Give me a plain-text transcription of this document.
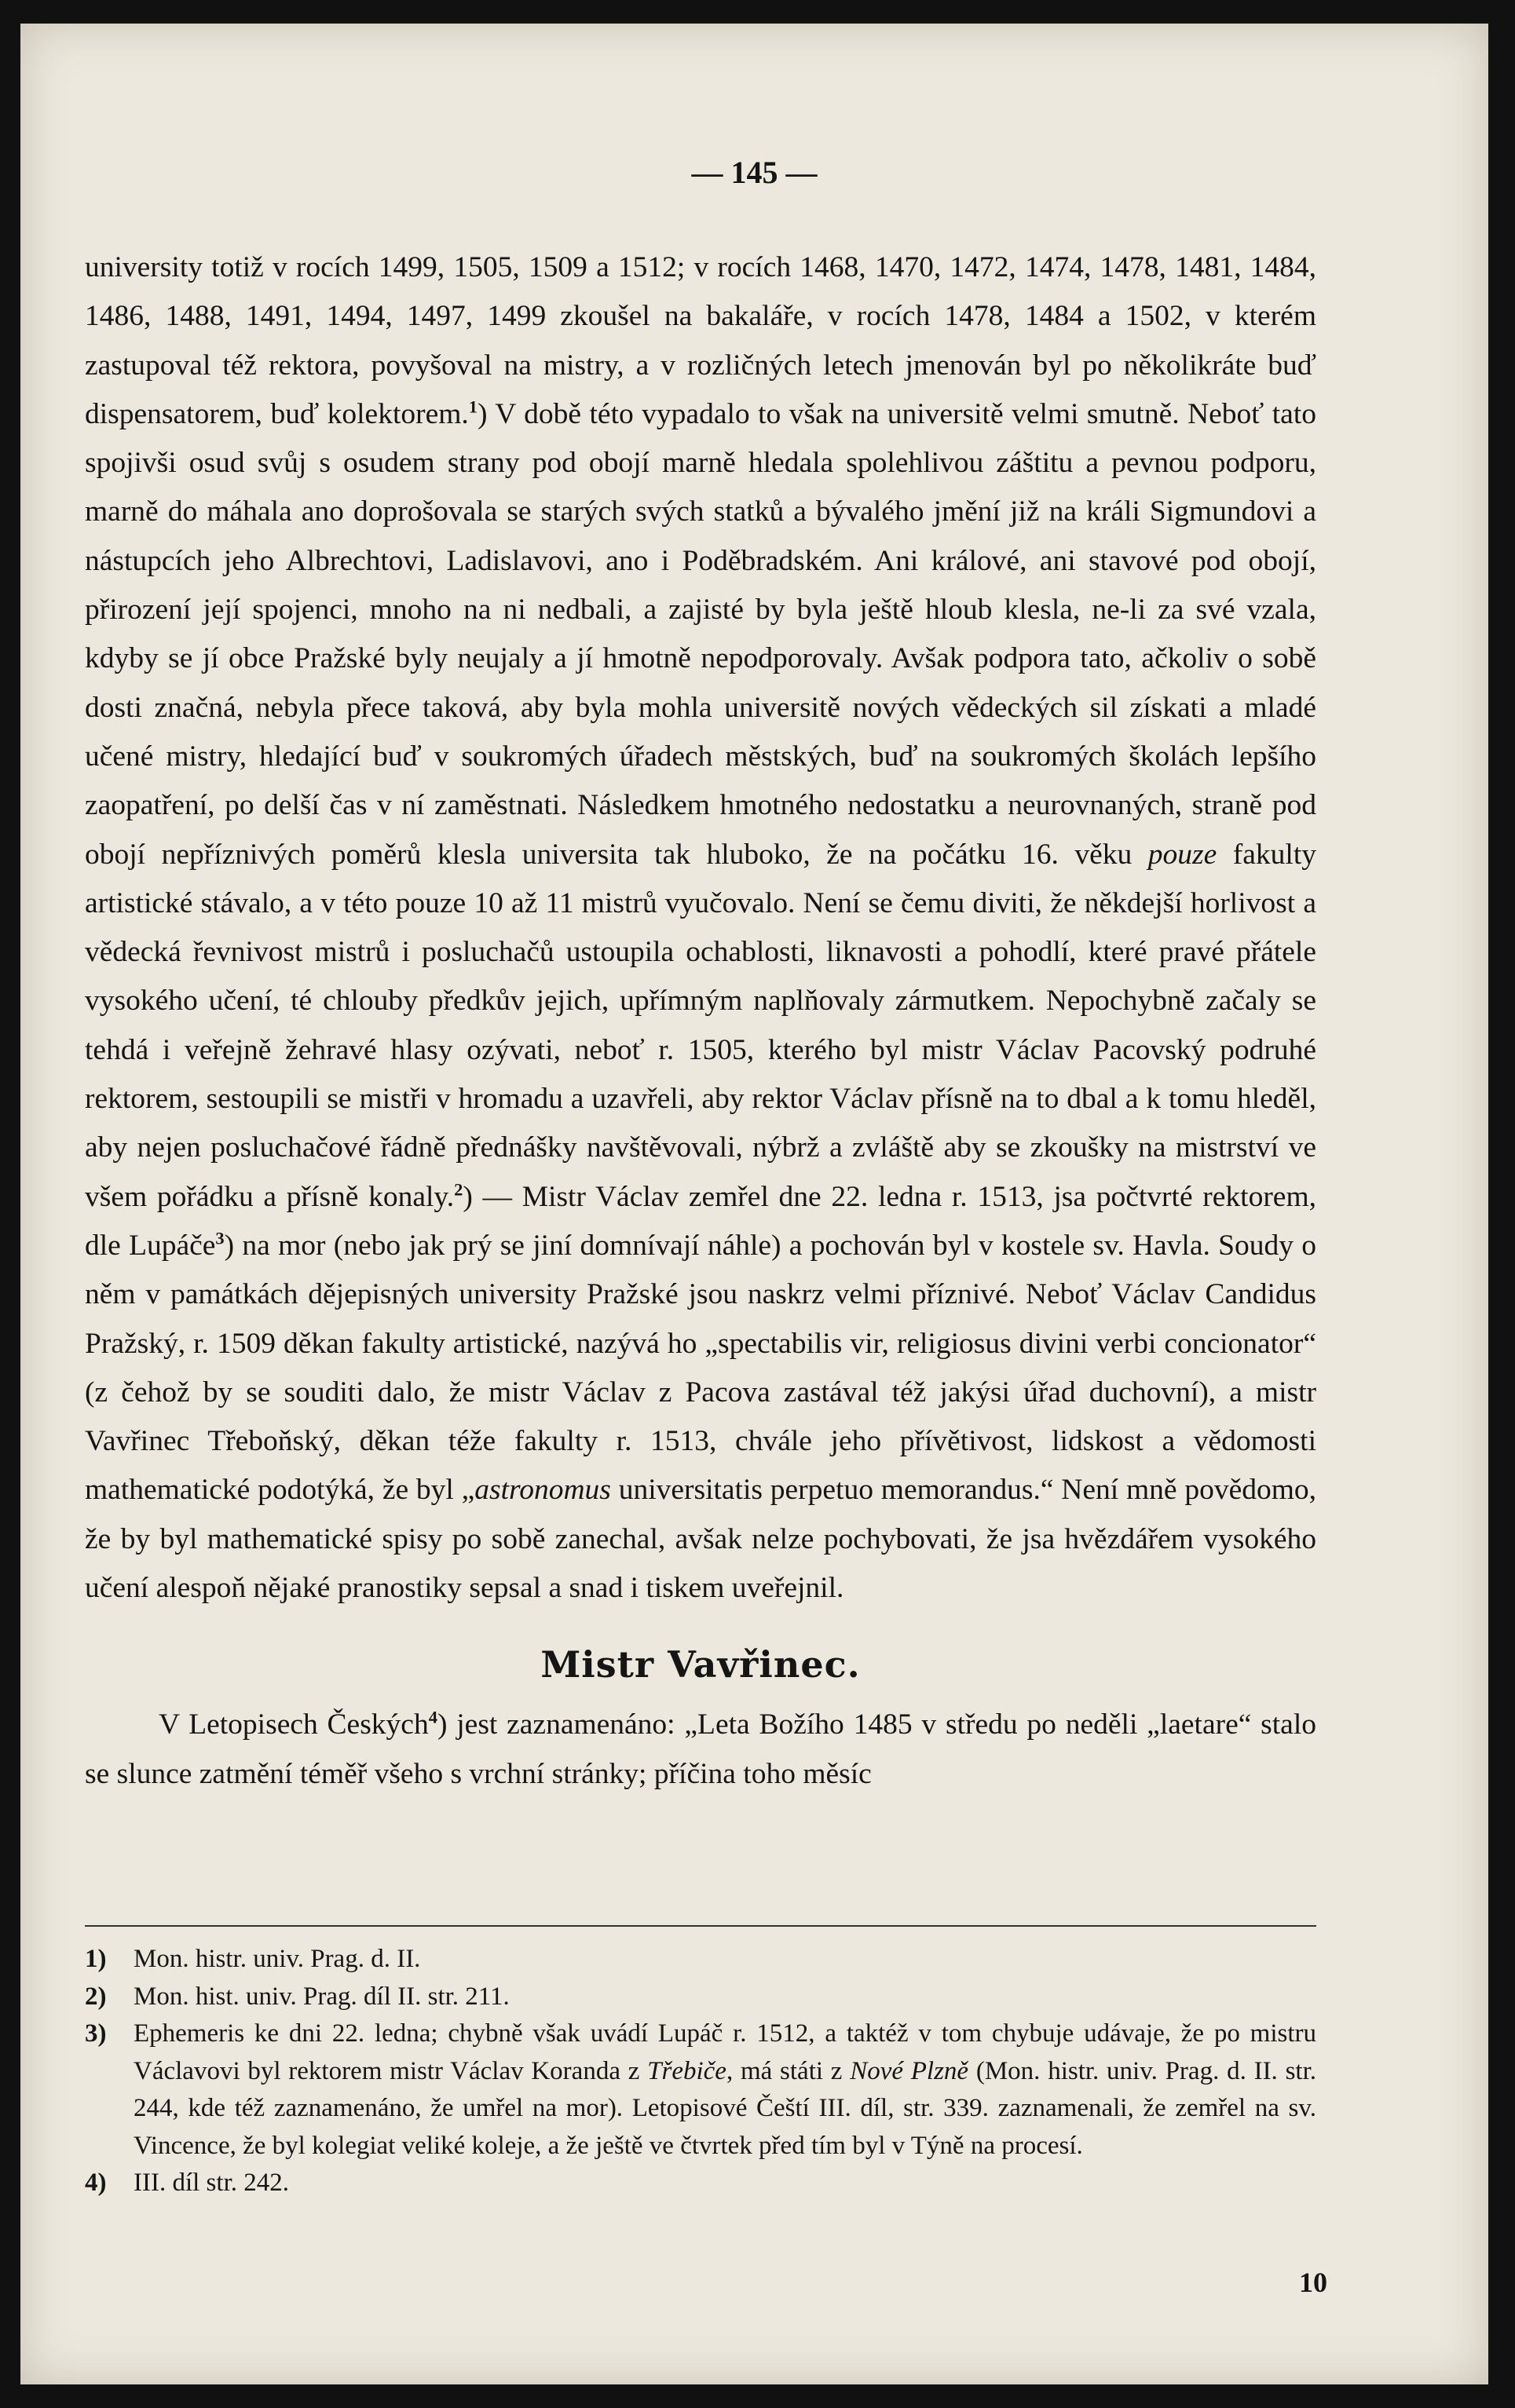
— 145 —

university totiž v rocích 1499, 1505, 1509 a 1512; v rocích 1468, 1470, 1472, 1474, 1478, 1481, 1484, 1486, 1488, 1491, 1494, 1497, 1499 zkoušel na bakaláře, v rocích 1478, 1484 a 1502, v kterém zastupoval též rektora, povyšoval na mistry, a v rozličných letech jmenován byl po několikráte buď dispensatorem, buď kolektorem.$^1$) V době této vypadalo to však na universitě velmi smutně. Neboť tato spojivši osud svůj s osudem strany pod obojí marně hledala spolehlivou záštitu a pevnou podporu, marně do máhala ano doprošovala se starých svých statků a bývalého jmění již na králi Sigmundovi a nástupcích jeho Albrechtovi, Ladislavovi, ano i Poděbradském. Ani králové, ani stavové pod obojí, přirození její spojenci, mnoho na ni nedbali, a zajisté by byla ještě hloub klesla, ne-li za své vzala, kdyby se jí obce Pražské byly neujaly a jí hmotně nepodporovaly. Avšak podpora tato, ačkoliv o sobě dosti značná, nebyla přece taková, aby byla mohla universitě nových vědeckých sil získati a mladé učené mistry, hledající buď v soukromých úřadech městských, buď na soukromých školách lepšího zaopatření, po delší čas v ní zaměstnati. Následkem hmotného nedostatku a neurovnaných, straně pod obojí nepříznivých poměrů klesla universita tak hluboko, že na počátku 16. věku pouze fakulty artistické stávalo, a v této pouze 10 až 11 mistrů vyučovalo. Není se čemu diviti, že někdejší horlivost a vědecká řevnivost mistrů i posluchačů ustoupila ochablosti, liknavosti a pohodlí, které pravé přátele vysokého učení, té chlouby předkův jejich, upřímným naplňovaly zármutkem. Nepochybně začaly se tehdá i veřejně žehravé hlasy ozývati, neboť r. 1505, kterého byl mistr Václav Pacovský podruhé rektorem, sestoupili se mistři v hromadu a uzavřeli, aby rektor Václav přísně na to dbal a k tomu hleděl, aby nejen posluchačové řádně přednášky navštěvovali, nýbrž a zvláště aby se zkoušky na mistrství ve všem pořádku a přísně konaly.$^2$) — Mistr Václav zemřel dne 22. ledna r. 1513, jsa počtvrté rektorem, dle Lupáče$^3$) na mor (nebo jak prý se jiní domnívají náhle) a pochován byl v kostele sv. Havla. Soudy o něm v památkách dějepisných university Pražské jsou naskrz velmi příznivé. Neboť Václav Candidus Pražský, r. 1509 děkan fakulty artistické, nazývá ho „spectabilis vir, religiosus divini verbi concionator“ (z čehož by se souditi dalo, že mistr Václav z Pacova zastával též jakýsi úřad duchovní), a mistr Vavřinec Třeboňský, děkan téže fakulty r. 1513, chvále jeho přívětivost, lidskost a vědomosti mathematické podotýká, že byl „astronomus universitatis perpetuo memorandus.“ Není mně povědomo, že by byl mathematické spisy po sobě zanechal, avšak nelze pochybovati, že jsa hvězdářem vysokého učení alespoň nějaké pranostiky sepsal a snad i tiskem uveřejnil.

Mistr Vavřinec.

V Letopisech Českých$^4$) jest zaznamenáno: „Leta Božího 1485 v středu po neděli „laetare“ stalo se slunce zatmění téměř všeho s vrchní stránky; příčina toho měsíc

1)	Mon. histr. univ. Prag. d. II.
2)	Mon. hist. univ. Prag. díl II. str. 211.
3)	Ephemeris ke dni 22. ledna; chybně však uvádí Lupáč r. 1512, a taktéž v tom chybuje udávaje, že po mistru Václavovi byl rektorem mistr Václav Koranda z Třebiče, má státi z Nové Plzně (Mon. histr. univ. Prag. d. II. str. 244, kde též zaznamenáno, že umřel na mor). Letopisové Čeští III. díl, str. 339. zaznamenali, že zemřel na sv. Vincence, že byl kolegiat veliké koleje, a že ještě ve čtvrtek před tím byl v Týně na procesí.
4)	III. díl str. 242.
10
